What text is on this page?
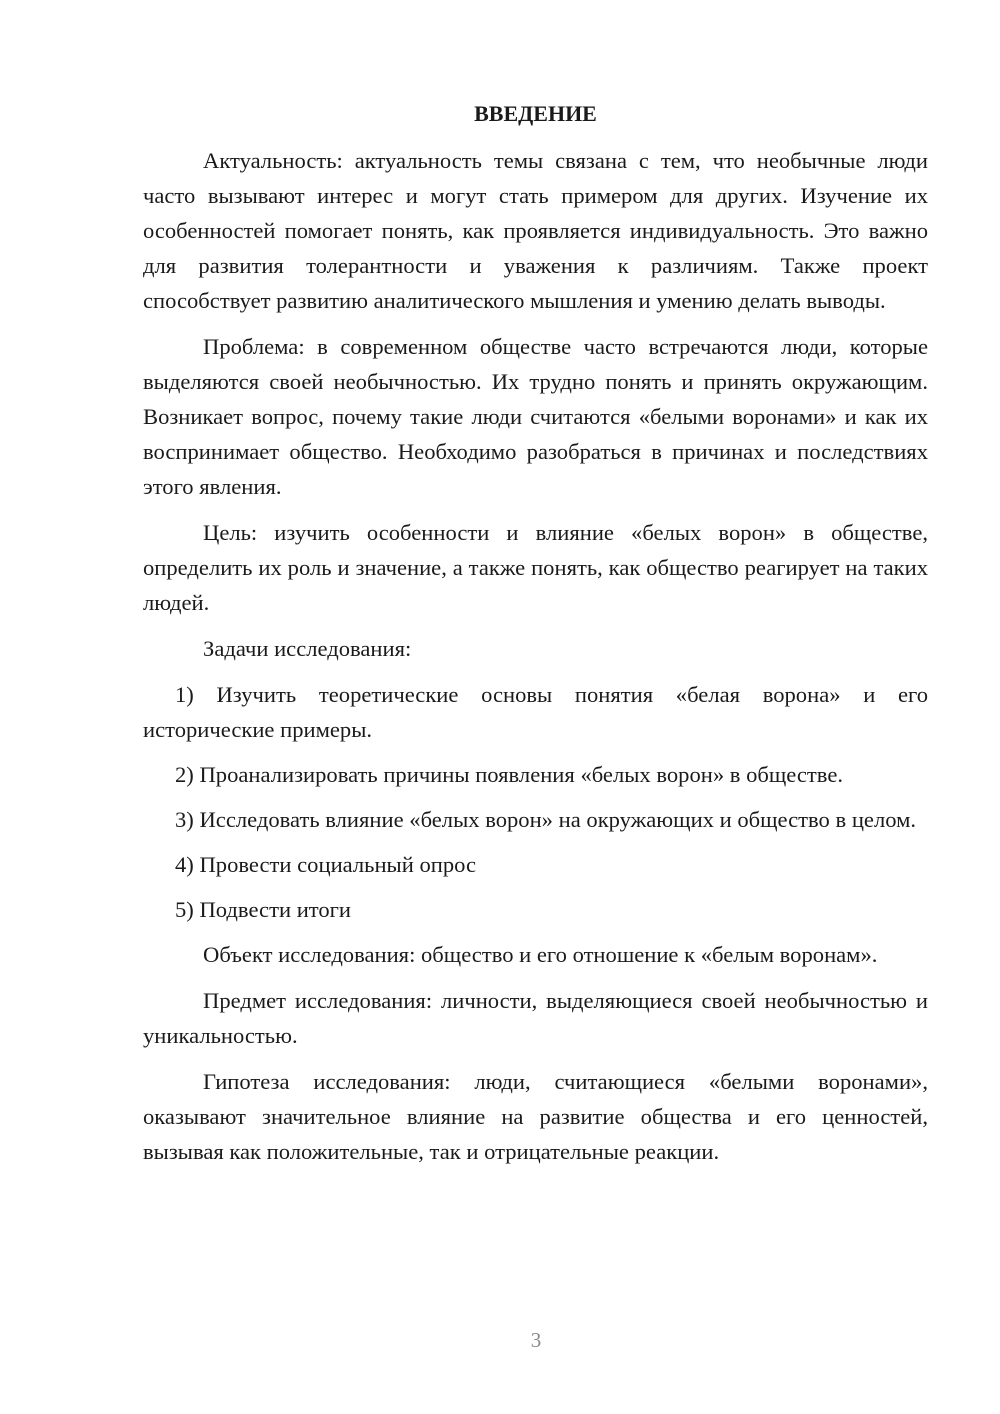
ВВЕДЕНИЕ

Актуальность: актуальность темы связана с тем, что необычные люди часто вызывают интерес и могут стать примером для других. Изучение их особенностей помогает понять, как проявляется индивидуальность. Это важно для развития толерантности и уважения к различиям. Также проект способствует развитию аналитического мышления и умению делать выводы.

Проблема: в современном обществе часто встречаются люди, которые выделяются своей необычностью. Их трудно понять и принять окружающим. Возникает вопрос, почему такие люди считаются «белыми воронами» и как их воспринимает общество. Необходимо разобраться в причинах и последствиях этого явления.

Цель: изучить особенности и влияние «белых ворон» в обществе, определить их роль и значение, а также понять, как общество реагирует на таких людей.

Задачи исследования:

1) Изучить теоретические основы понятия «белая ворона» и его исторические примеры.

2) Проанализировать причины появления «белых ворон» в обществе.

3) Исследовать влияние «белых ворон» на окружающих и общество в целом.

4) Провести социальный опрос

5) Подвести итоги

Объект исследования: общество и его отношение к «белым воронам».

Предмет исследования: личности, выделяющиеся своей необычностью и уникальностью.

Гипотеза исследования: люди, считающиеся «белыми воронами», оказывают значительное влияние на развитие общества и его ценностей, вызывая как положительные, так и отрицательные реакции.

3
